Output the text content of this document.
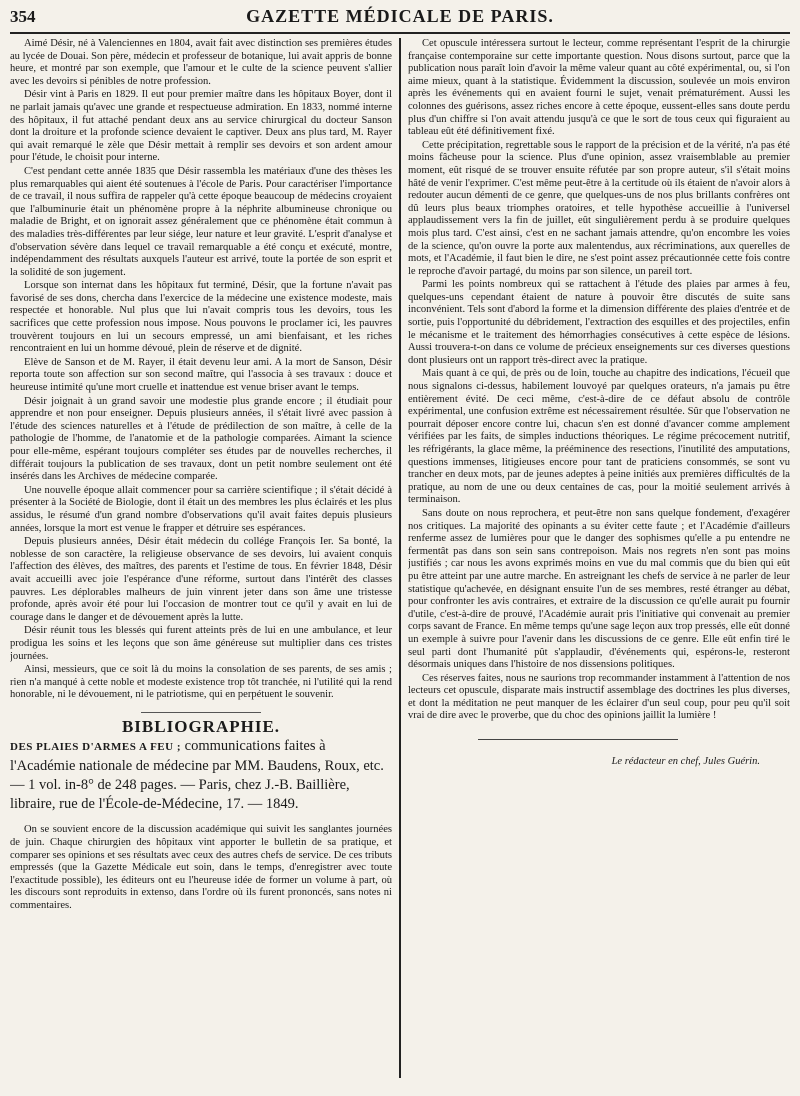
354	GAZETTE MÉDICALE DE PARIS.

Aimé Désir, né à Valenciennes en 1804, avait fait avec distinction ses premières études au lycée de Douai. Son père, médecin et professeur de botanique, lui avait appris de bonne heure, et montré par son exemple, que l'amour et le culte de la science peuvent s'allier avec les devoirs si pénibles de notre profession.

Désir vint à Paris en 1829. Il eut pour premier maître dans les hôpitaux Boyer, dont il ne parlait jamais qu'avec une grande et respectueuse admiration. En 1833, nommé interne des hôpitaux, il fut attaché pendant deux ans au service chirurgical du docteur Sanson dont la droiture et la profonde science devaient le captiver. Deux ans plus tard, M. Rayer qui avait remarqué le zèle que Désir mettait à remplir ses devoirs et son ardent amour pour l'étude, le choisit pour interne.

C'est pendant cette année 1835 que Désir rassembla les matériaux d'une des thèses les plus remarquables qui aient été soutenues à l'école de Paris. Pour caractériser l'importance de ce travail, il nous suffira de rappeler qu'à cette époque beaucoup de médecins croyaient que l'albuminurie était un phénomène propre à la néphrite albumineuse chronique ou maladie de Bright, et on ignorait assez généralement que ce phénomène était commun à des maladies très-différentes par leur siége, leur nature et leur gravité. L'esprit d'analyse et d'observation sévère dans lequel ce travail remarquable a été conçu et exécuté, montre, indépendamment des résultats auxquels l'auteur est arrivé, toute la portée de son esprit et la solidité de son jugement.

Lorsque son internat dans les hôpitaux fut terminé, Désir, que la fortune n'avait pas favorisé de ses dons, chercha dans l'exercice de la médecine une existence modeste, mais respectée et honorable. Nul plus que lui n'avait compris tous les devoirs, tous les sacrifices que cette profession nous impose. Nous pouvons le proclamer ici, les pauvres trouvèrent toujours en lui un secours empressé, un ami bienfaisant, et les riches rencontraient en lui un homme dévoué, plein de réserve et de dignité.

Elève de Sanson et de M. Rayer, il était devenu leur ami. A la mort de Sanson, Désir reporta toute son affection sur son second maître, qui l'associa à ses travaux : douce et heureuse intimité qu'une mort cruelle et inattendue est venue briser avant le temps.

Désir joignait à un grand savoir une modestie plus grande encore ; il étudiait pour apprendre et non pour enseigner. Depuis plusieurs années, il s'était livré avec passion à l'étude des sciences naturelles et à l'étude de prédilection de son maître, à celle de la pathologie de l'homme, de l'anatomie et de la pathologie comparées. Aimant la science pour elle-même, espérant toujours compléter ses études par de nouvelles recherches, il différait toujours la publication de ses travaux, dont un petit nombre seulement ont été insérés dans les Archives de médecine comparée.

Une nouvelle époque allait commencer pour sa carrière scientifique ; il s'était décidé à présenter à la Société de Biologie, dont il était un des membres les plus éclairés et les plus assidus, le résumé d'un grand nombre d'observations qu'il avait faites depuis plusieurs années, lorsque la mort est venue le frapper et détruire ses espérances.

Depuis plusieurs années, Désir était médecin du collége François Ier. Sa bonté, la noblesse de son caractère, la religieuse observance de ses devoirs, lui avaient conquis l'affection des élèves, des maîtres, des parents et l'estime de tous. En février 1848, Désir avait accueilli avec joie l'espérance d'une réforme, surtout dans l'intérêt des classes pauvres. Les déplorables malheurs de juin vinrent jeter dans son âme une tristesse profonde, après avoir été pour lui l'occasion de montrer tout ce qu'il y avait en lui de courage dans le danger et de dévouement après la lutte.

Désir réunit tous les blessés qui furent atteints près de lui en une ambulance, et leur prodigua les soins et les leçons que son âme généreuse sut multiplier dans ces tristes journées.

Ainsi, messieurs, que ce soit là du moins la consolation de ses parents, de ses amis ; rien n'a manqué à cette noble et modeste existence trop tôt tranchée, ni l'utilité qui la rend honorable, ni le dévouement, ni le patriotisme, qui en perpétuent le souvenir.

BIBLIOGRAPHIE.
DES PLAIES D'ARMES A FEU ; communications faites à l'Académie nationale de médecine par MM. Baudens, Roux, etc. — 1 vol. in-8° de 248 pages. — Paris, chez J.-B. Baillière, libraire, rue de l'École-de-Médecine, 17. — 1849.

On se souvient encore de la discussion académique qui suivit les sanglantes journées de juin. Chaque chirurgien des hôpitaux vint apporter le bulletin de sa pratique, et comparer ses opinions et ses résultats avec ceux des autres chefs de service. De ces tributs empressés (que la Gazette Médicale eut soin, dans le temps, d'enregistrer avec toute l'exactitude possible), les éditeurs ont eu l'heureuse idée de former un volume à part, où les discours sont reproduits in extenso, dans l'ordre où ils furent prononcés, sans notes ni commentaires.

Cet opuscule intéressera surtout le lecteur, comme représentant l'esprit de la chirurgie française contemporaine sur cette importante question. Nous disons surtout, parce que la publication nous paraît loin d'avoir la même valeur quant au côté expérimental, ou, si l'on aime mieux, quant à la statistique. Évidemment la discussion, soulevée un mois environ après les événements qui en avaient fourni le sujet, venait prématurément. Aussi les colonnes des guérisons, assez riches encore à cette époque, eussent-elles sans doute perdu plus d'un chiffre si l'on avait attendu jusqu'à ce que le sort de tous ceux qui figuraient au tableau eût été définitivement fixé.

Cette précipitation, regrettable sous le rapport de la précision et de la vérité, n'a pas été moins fâcheuse pour la science. Plus d'une opinion, assez vraisemblable au premier moment, eût risqué de se trouver ensuite réfutée par son propre auteur, s'il s'était moins hâté de venir l'exprimer. C'est même peut-être à la certitude où ils étaient de n'avoir alors à redouter aucun démenti de ce genre, que quelques-uns de nos plus brillants confrères ont dû leurs plus beaux triomphes oratoires, et telle hypothèse accueillie à l'universel applaudissement vers la fin de juillet, eût singulièrement perdu à se produire quelques mois plus tard. C'est ainsi, c'est en ne sachant jamais attendre, qu'on encombre les voies de la science, qu'on ouvre la porte aux malentendus, aux récriminations, aux querelles de mots, et l'Académie, il faut bien le dire, ne s'est point assez précautionnée cette fois contre le reproche d'avoir partagé, du moins par son silence, un pareil tort.

Parmi les points nombreux qui se rattachent à l'étude des plaies par armes à feu, quelques-uns cependant étaient de nature à pouvoir être discutés de suite sans inconvénient. Tels sont d'abord la forme et la dimension différente des plaies d'entrée et de sortie, puis l'opportunité du débridement, l'extraction des esquilles et des projectiles, enfin le mécanisme et le traitement des hémorrhagies consécutives à cette espèce de lésions. Aussi trouvera-t-on dans ce volume de précieux enseignements sur ces diverses questions dont plusieurs ont un rapport très-direct avec la pratique.

Mais quant à ce qui, de près ou de loin, touche au chapitre des indications, l'écueil que nous signalons ci-dessus, habilement louvoyé par quelques orateurs, n'a jamais pu être entièrement évité. De ceci même, c'est-à-dire de ce défaut absolu de contrôle expérimental, une confusion extrême est nécessairement résultée. Sûr que l'observation ne pourrait déposer encore contre lui, chacun s'en est donné d'avancer comme amplement vérifiées par les faits, de simples inductions théoriques. Le régime précocement nutritif, les réfrigérants, la glace même, la prééminence des resections, l'inutilité des amputations, questions immenses, litigieuses encore pour tant de praticiens consommés, se sont vu trancher en deux mots, par de jeunes adeptes à peine initiés aux premières difficultés de la pratique, au nom de une ou deux centaines de cas, pour la moitié seulement arrivés à terminaison.

Sans doute on nous reprochera, et peut-être non sans quelque fondement, d'exagérer nos critiques. La majorité des opinants a su éviter cette faute ; et l'Académie d'ailleurs renferme assez de lumières pour que le danger des sophismes qu'elle a pu entendre ne fermentât pas dans son sein sans contrepoison. Mais nos regrets n'en sont pas moins justifiés ; car nous les avons exprimés moins en vue du mal commis que du bien qui eût pu être atteint par une autre marche. En astreignant les chefs de service à ne parler de leur statistique qu'achevée, en désignant ensuite l'un de ses membres, resté étranger au débat, pour confronter les avis contraires, et extraire de la discussion ce qu'elle aurait pu fournir d'utile, c'est-à-dire de prouvé, l'Académie aurait pris l'initiative qui convenait au premier corps savant de France. En même temps qu'une sage leçon aux trop pressés, elle eût donné un exemple à suivre pour l'avenir dans les discussions de ce genre. Elle eût enfin tiré le seul parti dont l'humanité pût s'applaudir, d'événements qui, espérons-le, resteront désormais uniques dans l'histoire de nos dissensions politiques.

Ces réserves faites, nous ne saurions trop recommander instamment à l'attention de nos lecteurs cet opuscule, disparate mais instructif assemblage des doctrines les plus diverses, et dont la méditation ne peut manquer de les éclairer d'un seul coup, pour peu qu'il soit vrai de dire avec le proverbe, que du choc des opinions jaillit la lumière !

Le rédacteur en chef, Jules Guérin.
